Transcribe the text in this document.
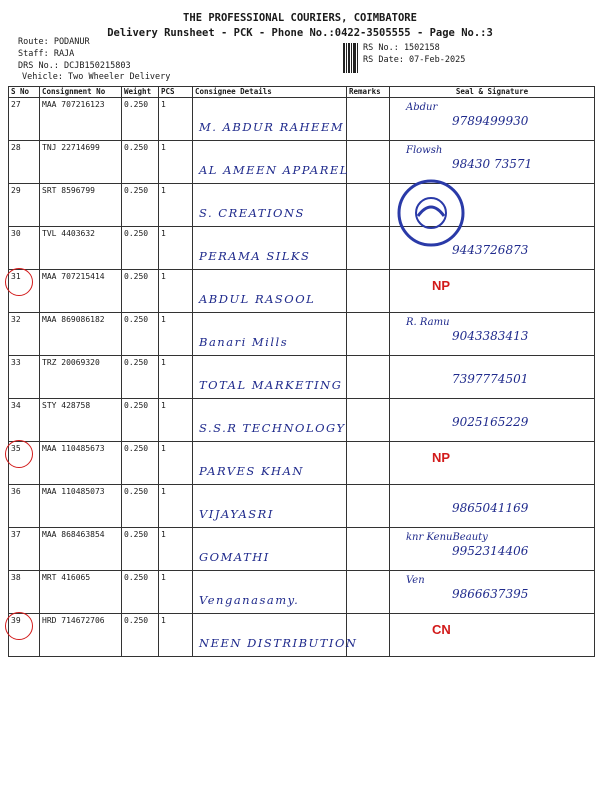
THE PROFESSIONAL COURIERS, COIMBATORE
Delivery Runsheet - PCK - Phone No.:0422-3505555 - Page No.:3
Route: PODANUR
Staff: RAJA
DRS No.: DCJB150215803
Vehicle: Two Wheeler Delivery
RS No.: 1502158
RS Date: 07-Feb-2025
S No	Consignment No	Weight	PCS	Consignee Details	Remarks	Seal & Signature
27	MAA 707216123	0.250	1	M. ABDUR RAHEEM		Abdur
9789499930

28	TNJ 22714699	0.250	1	AL AMEEN APPAREL		Flowsh
98430 73571

29	SRT 8596799	0.250	1	S. CREATIONS		

30	TVL 4403632	0.250	1	PERAMA SILKS		9443726873

31	MAA 707215414	0.250	1	ABDUL RASOOL		NP

32	MAA 869086182	0.250	1	Banari Mills		R. Ramu
9043383413

33	TRZ 20069320	0.250	1	TOTAL MARKETING		7397774501

34	STY 428758	0.250	1	S.S.R TECHNOLOGY		9025165229

35	MAA 110485673	0.250	1	PARVES KHAN		NP

36	MAA 110485073	0.250	1	VIJAYASRI		9865041169

37	MAA 868463854	0.250	1	GOMATHI		knr KenuBeauty
9952314406

38	MRT 416065	0.250	1	Venganasamy.		Ven
9866637395

39	HRD 714672706	0.250	1	NEEN DISTRIBUTION		CN
